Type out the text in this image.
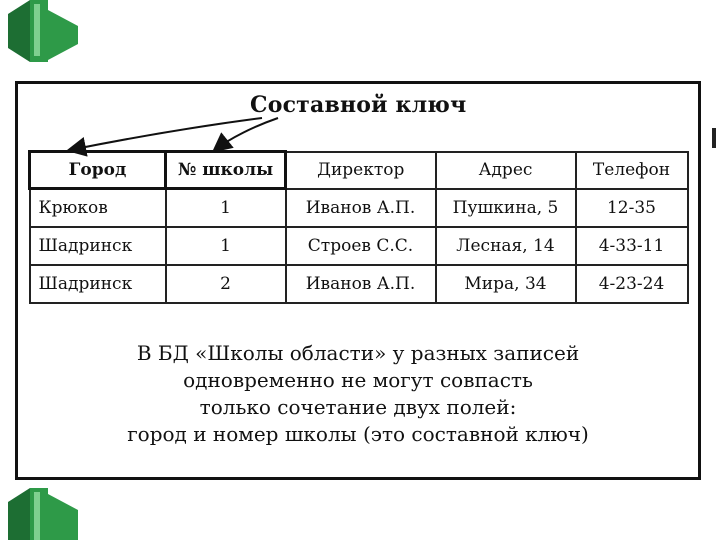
Составной ключ
Город	№ школы	Директор	Адрес	Телефон
Крюков	1	Иванов А.П.	Пушкина, 5	12-35
Шадринск	1	Строев С.С.	Лесная, 14	4-33-11
Шадринск	2	Иванов А.П.	Мира, 34	4-23-24
В БД «Школы области» у разных записей
одновременно не могут совпасть
только сочетание двух полей:
город и номер школы (это составной ключ)
